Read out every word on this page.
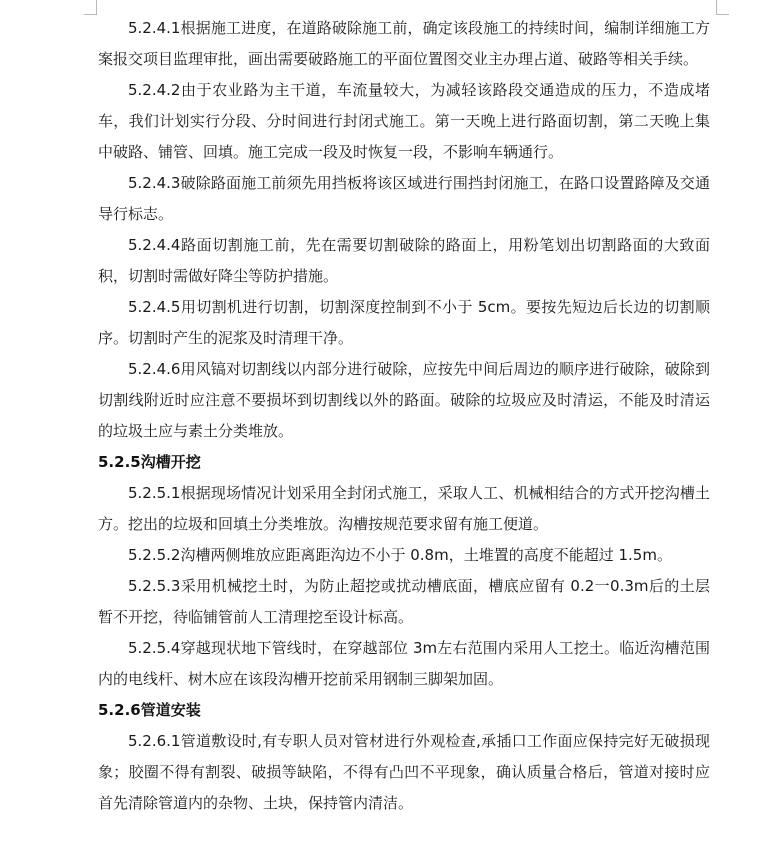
5.2.4.1根据施工进度，在道路破除施工前，确定该段施工的持续时间，编制详细施工方案报交项目监理审批，画出需要破路施工的平面位置图交业主办理占道、破路等相关手续。

5.2.4.2由于农业路为主干道，车流量较大，为减轻该路段交通造成的压力，不造成堵车，我们计划实行分段、分时间进行封闭式施工。第一天晚上进行路面切割，第二天晚上集中破路、铺管、回填。施工完成一段及时恢复一段，不影响车辆通行。

5.2.4.3破除路面施工前须先用挡板将该区域进行围挡封闭施工，在路口设置路障及交通导行标志。

5.2.4.4路面切割施工前，先在需要切割破除的路面上，用粉笔划出切割路面的大致面积，切割时需做好降尘等防护措施。

5.2.4.5用切割机进行切割，切割深度控制到不小于 5cm。要按先短边后长边的切割顺序。切割时产生的泥浆及时清理干净。

5.2.4.6用风镐对切割线以内部分进行破除，应按先中间后周边的顺序进行破除，破除到切割线附近时应注意不要损坏到切割线以外的路面。破除的垃圾应及时清运，不能及时清运的垃圾土应与素土分类堆放。

5.2.5沟槽开挖

5.2.5.1根据现场情况计划采用全封闭式施工，采取人工、机械相结合的方式开挖沟槽土方。挖出的垃圾和回填土分类堆放。沟槽按规范要求留有施工便道。

5.2.5.2沟槽两侧堆放应距离距沟边不小于 0.8m，土堆置的高度不能超过 1.5m。

5.2.5.3采用机械挖土时，为防止超挖或扰动槽底面，槽底应留有 0.2一0.3m后的土层暂不开挖，待临铺管前人工清理挖至设计标高。

5.2.5.4穿越现状地下管线时，在穿越部位 3m左右范围内采用人工挖土。临近沟槽范围内的电线杆、树木应在该段沟槽开挖前采用钢制三脚架加固。

5.2.6管道安装

5.2.6.1管道敷设时,有专职人员对管材进行外观检查,承插口工作面应保持完好无破损现象；胶圈不得有割裂、破损等缺陷，不得有凸凹不平现象，确认质量合格后，管道对接时应首先清除管道内的杂物、土块，保持管内清洁。
